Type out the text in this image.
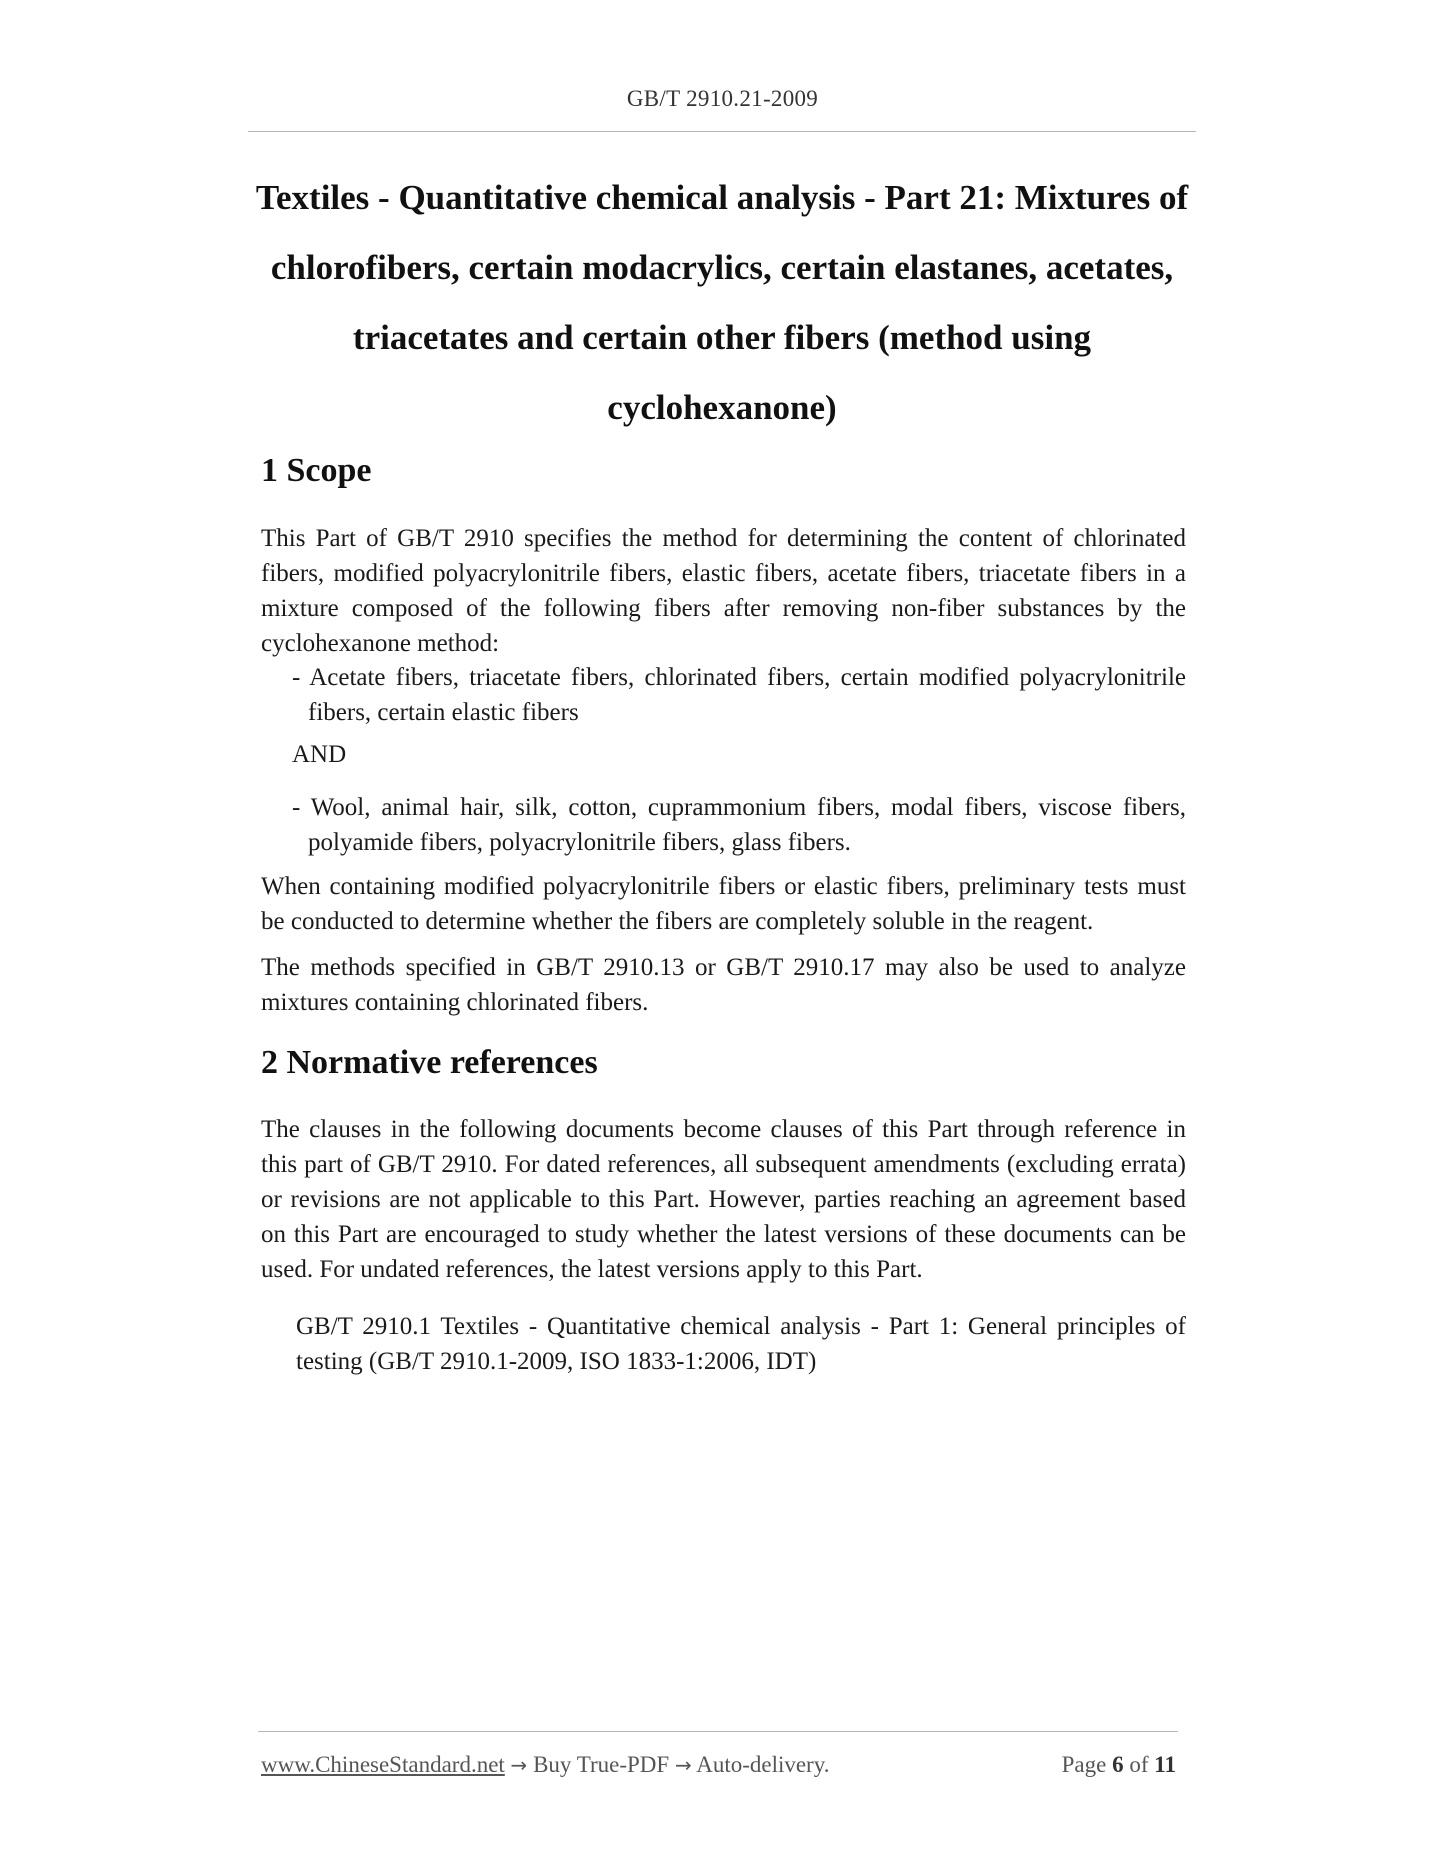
GB/T 2910.21-2009
Textiles - Quantitative chemical analysis - Part 21: Mixtures of chlorofibers, certain modacrylics, certain elastanes, acetates, triacetates and certain other fibers (method using cyclohexanone)
1 Scope

This Part of GB/T 2910 specifies the method for determining the content of chlorinated fibers, modified polyacrylonitrile fibers, elastic fibers, acetate fibers, triacetate fibers in a mixture composed of the following fibers after removing non-fiber substances by the cyclohexanone method:

- Acetate fibers, triacetate fibers, chlorinated fibers, certain modified polyacrylonitrile fibers, certain elastic fibers

AND

- Wool, animal hair, silk, cotton, cuprammonium fibers, modal fibers, viscose fibers, polyamide fibers, polyacrylonitrile fibers, glass fibers.

When containing modified polyacrylonitrile fibers or elastic fibers, preliminary tests must be conducted to determine whether the fibers are completely soluble in the reagent.

The methods specified in GB/T 2910.13 or GB/T 2910.17 may also be used to analyze mixtures containing chlorinated fibers.

2 Normative references

The clauses in the following documents become clauses of this Part through reference in this part of GB/T 2910. For dated references, all subsequent amendments (excluding errata) or revisions are not applicable to this Part. However, parties reaching an agreement based on this Part are encouraged to study whether the latest versions of these documents can be used. For undated references, the latest versions apply to this Part.

GB/T 2910.1 Textiles - Quantitative chemical analysis - Part 1: General principles of testing (GB/T 2910.1-2009, ISO 1833-1:2006, IDT)

www.ChineseStandard.net → Buy True-PDF → Auto-delivery.	Page 6 of 11
